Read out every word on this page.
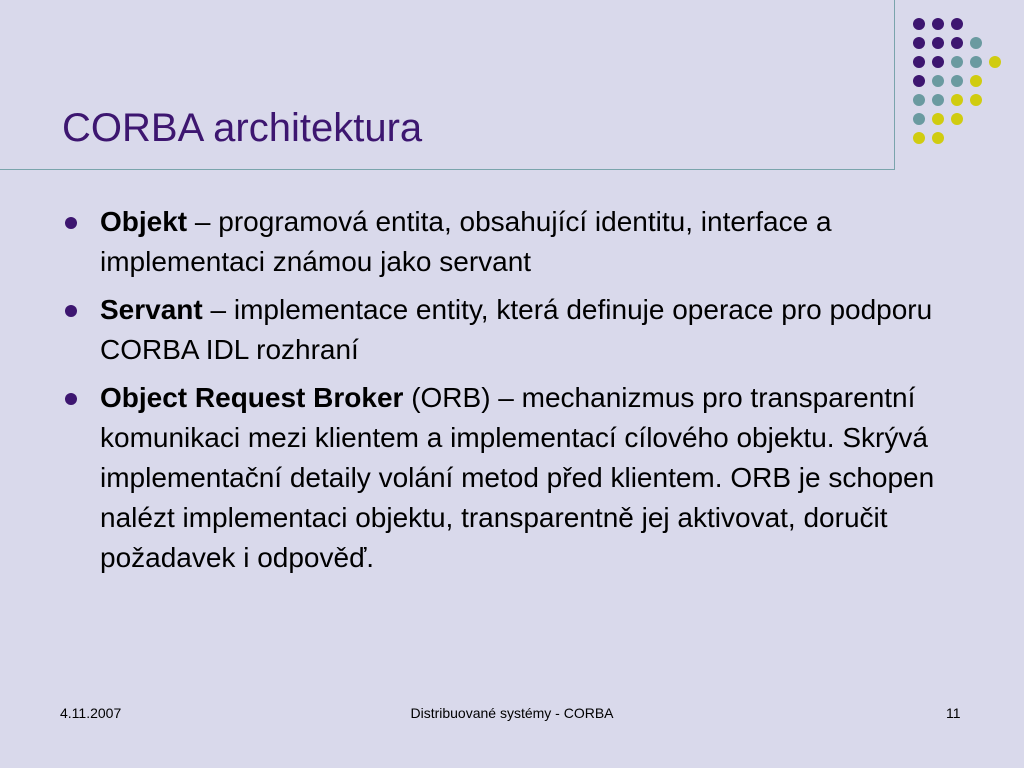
CORBA architektura
Objekt – programová entita, obsahující identitu, interface a implementaci známou jako servant
Servant – implementace entity, která definuje operace pro podporu CORBA IDL rozhraní
Object Request Broker (ORB) – mechanizmus pro transparentní komunikaci mezi klientem a implementací cílového objektu. Skrývá implementační detaily volání metod před klientem. ORB je schopen nalézt implementaci objektu, transparentně jej aktivovat, doručit požadavek i odpověď.
4.11.2007	Distribuované systémy - CORBA	11
